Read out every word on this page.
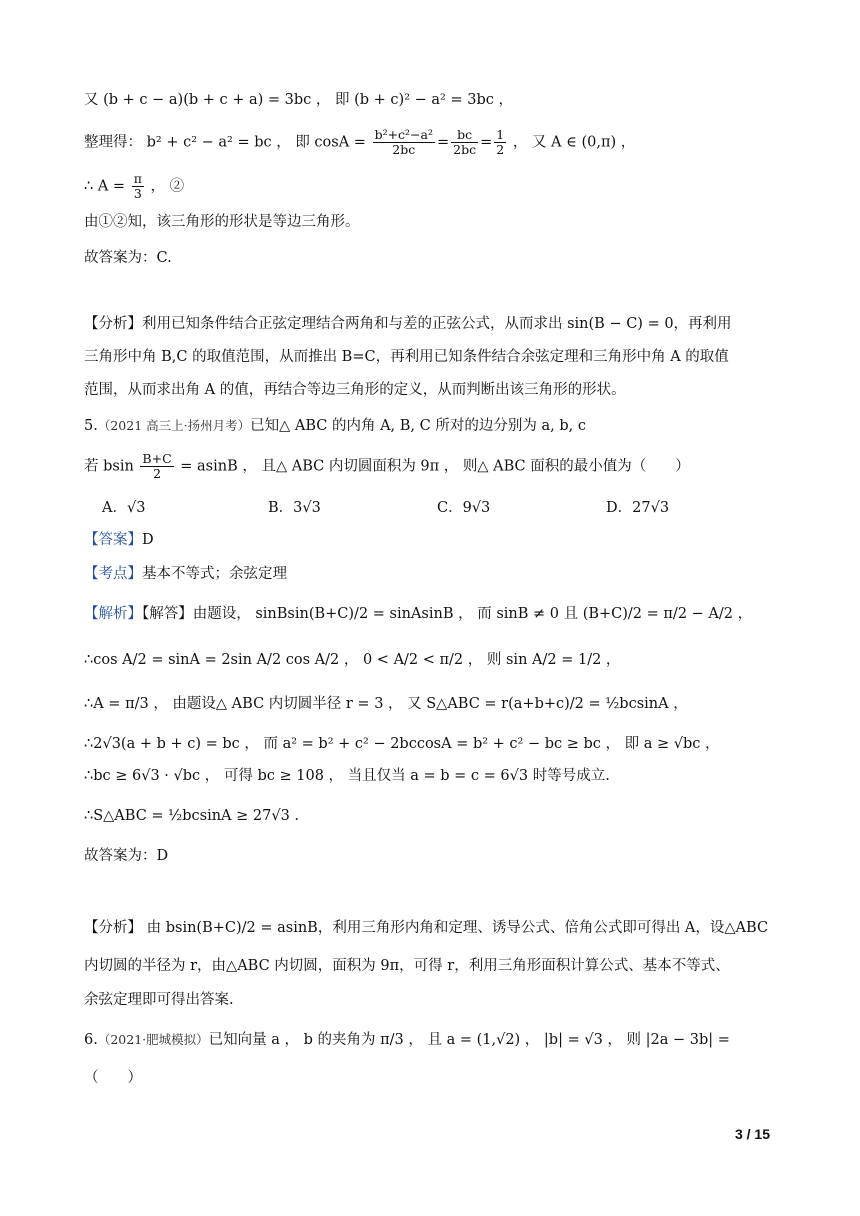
又 (b + c − a)(b + c + a) = 3bc ， 即 (b + c)² − a² = 3bc ，
整理得： b² + c² − a² = bc ， 即 $\cos A = \frac{\text{b²+c²−a²}}{2bc} = \frac{bc}{2bc} = \frac{1}{2}$ ， 又 A ∈ (0,π) ，
∴ $A = \frac{\pi}{3}$ ， ②
由①②知，该三角形的形状是等边三角形。
故答案为：C.
【分析】利用已知条件结合正弦定理结合两角和与差的正弦公式，从而求出 sin(B − C) = 0，再利用
三角形中角 B,C 的取值范围，从而推出 B=C，再利用已知条件结合余弦定理和三角形中角 A 的取值
范围，从而求出角 A 的值，再结合等边三角形的定义，从而判断出该三角形的形状。
5.（2021 高三上·扬州月考）已知△ ABC 的内角 A, B, C 所对的边分别为 a, b, c
若 bsin $\frac{B+C}{2} = asinB$ ， 且△ ABC 内切圆面积为 9π ， 则△ ABC 面积的最小值为（　　）
A．√3	B．3√3	C．9√3	D．27√3
【答案】D
【考点】基本不等式；余弦定理
【解析】【解答】由题设， sinBsin(B+C)/2 = sinAsinB ， 而 sinB ≠ 0 且 (B+C)/2 = π/2 − A/2 ，
∴cos A/2 = sinA = 2sin A/2 cos A/2 ， 0 < A/2 < π/2 ， 则 sin A/2 = 1/2 ，
∴A = π/3 ， 由题设△ ABC 内切圆半径 r = 3 ， 又 S△ABC = r(a+b+c)/2 = ½bcsinA ，
∴2√3(a + b + c) = bc ， 而 a² = b² + c² − 2bccosA = b² + c² − bc ≥ bc ， 即 a ≥ √bc ，
∴bc ≥ 6√3 · √bc ， 可得 bc ≥ 108 ， 当且仅当 a = b = c = 6√3 时等号成立.
∴S△ABC = ½bcsinA ≥ 27√3 .
故答案为：D
【分析】 由 bsin(B+C)/2 = asinB，利用三角形内角和定理、诱导公式、倍角公式即可得出 A，设△ABC
内切圆的半径为 r，由△ABC 内切圆，面积为 9π，可得 r，利用三角形面积计算公式、基本不等式、
余弦定理即可得出答案.
6.（2021·肥城模拟）已知向量 a ， b 的夹角为 π/3 ， 且 a = (1,√2) ， |b| = √3 ， 则 |2a − 3b| =
（　　）
3 / 15
